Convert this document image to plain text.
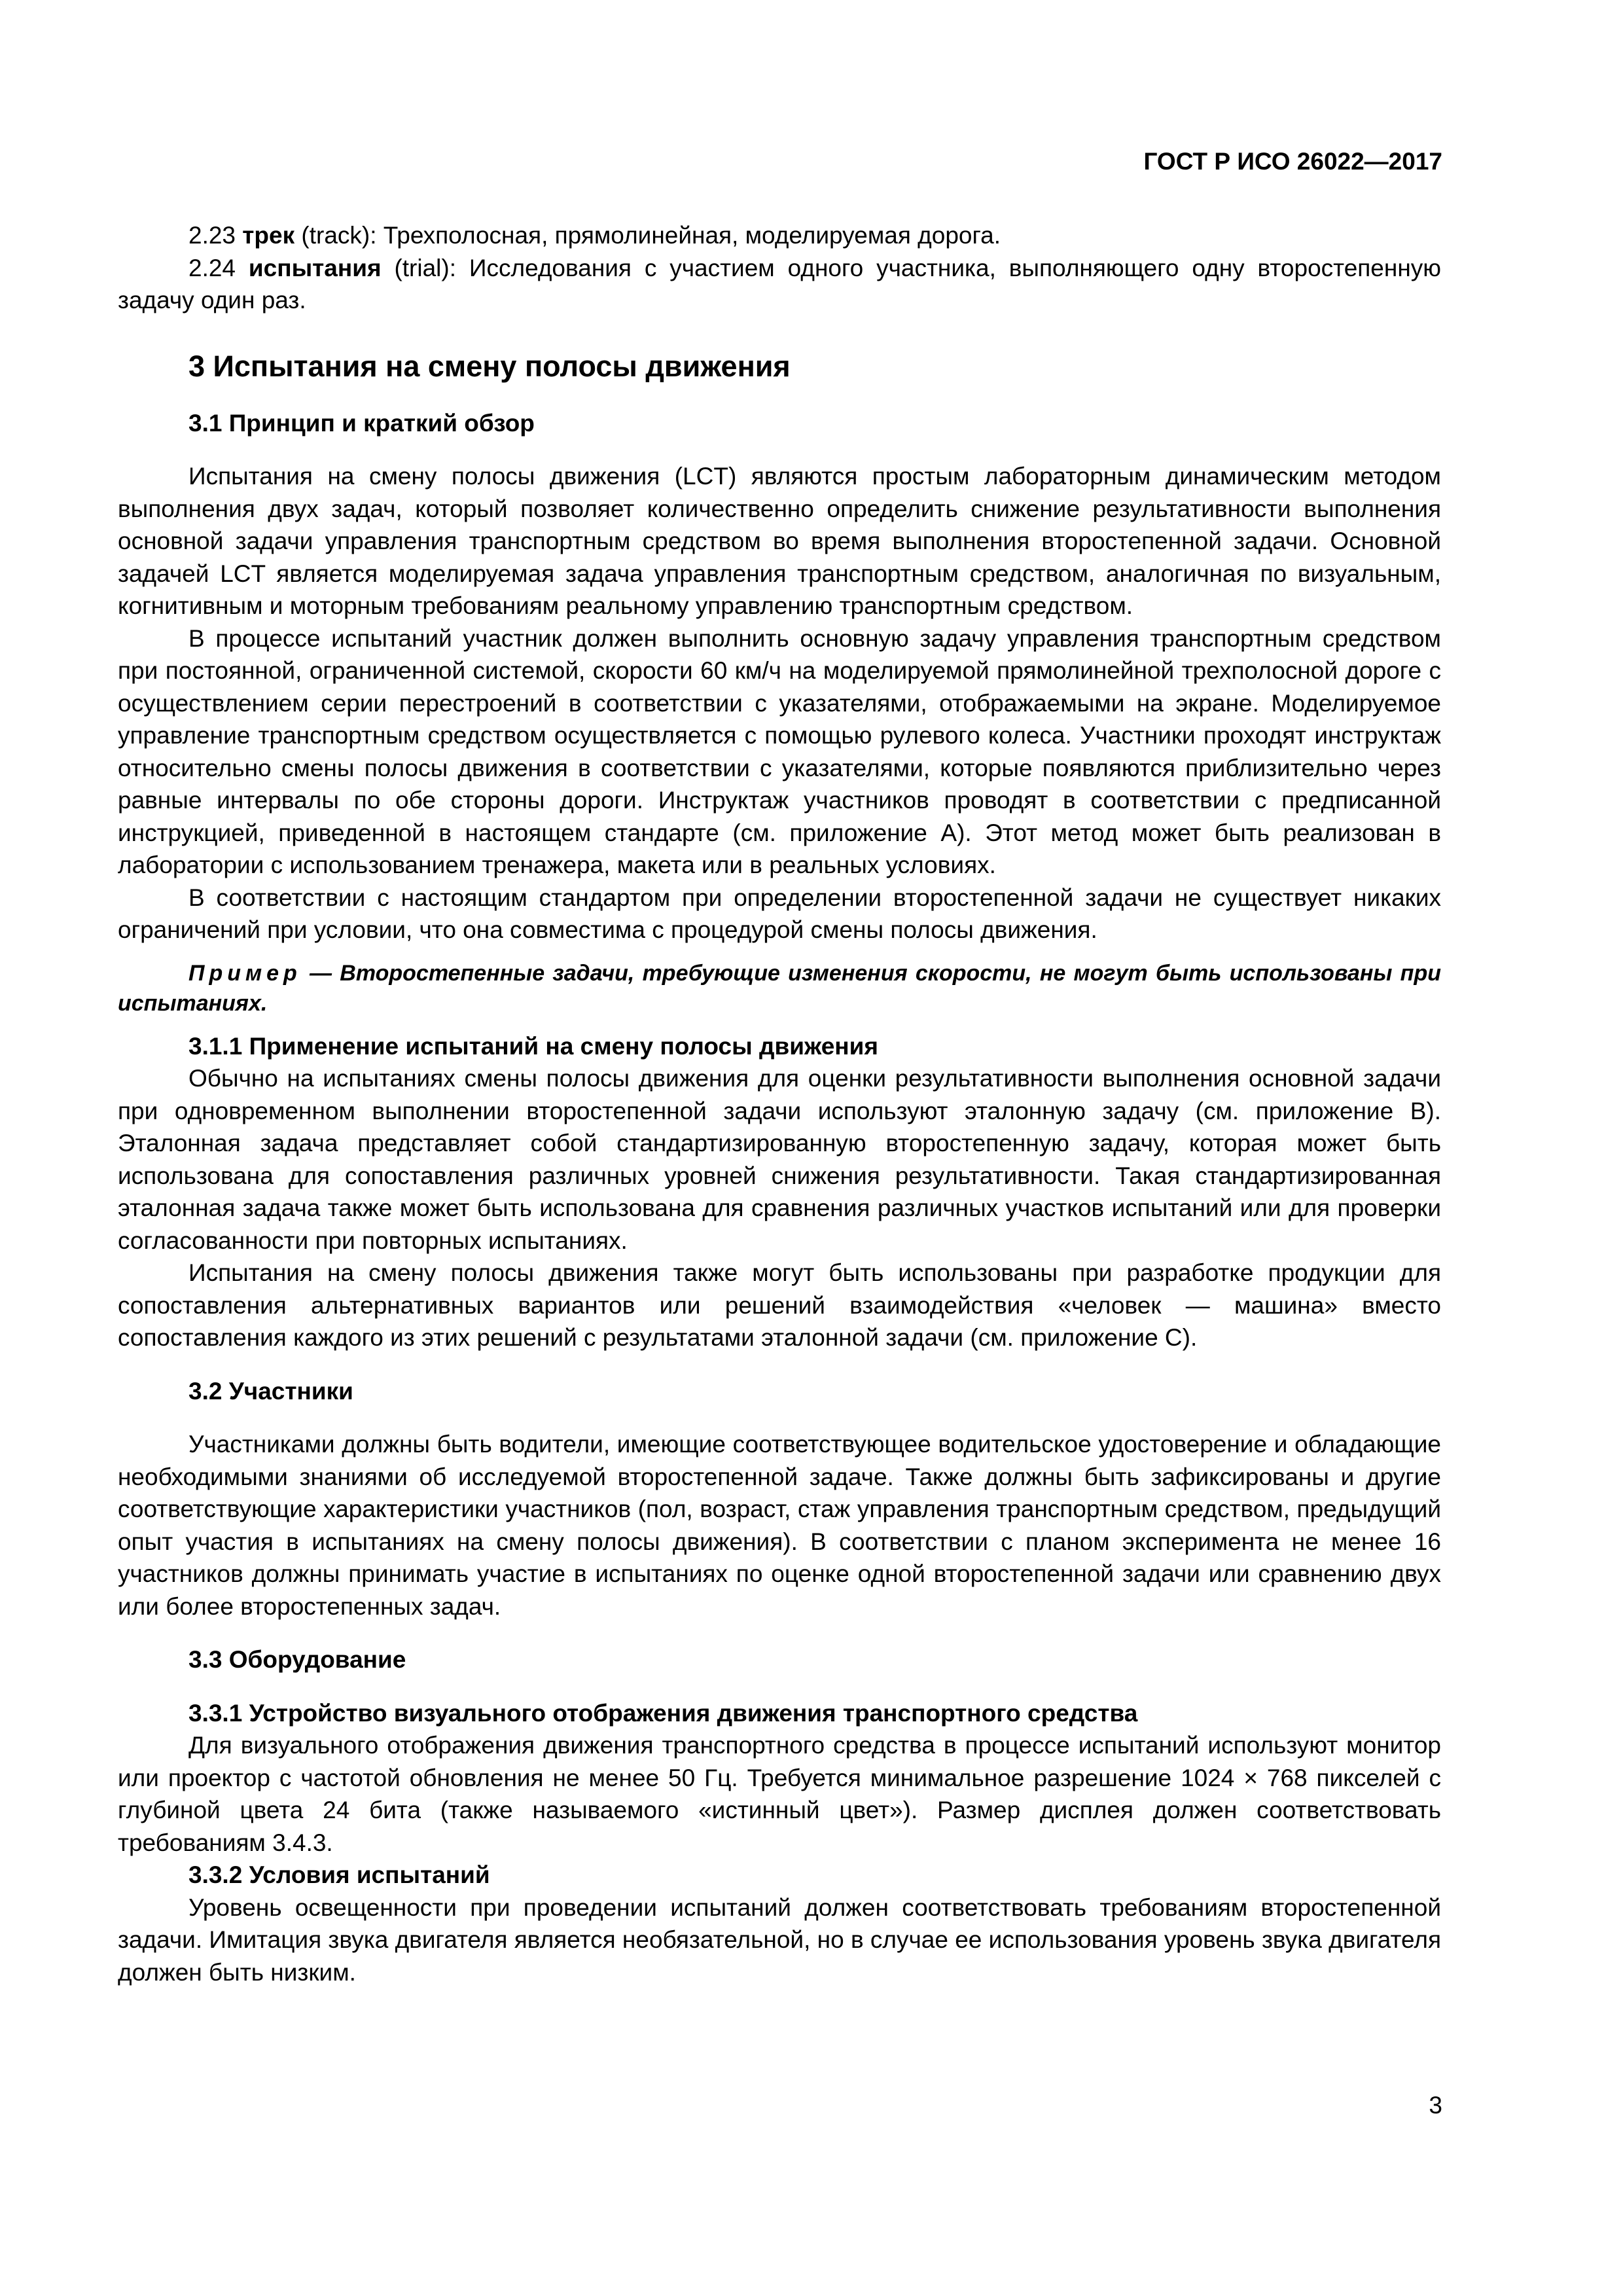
ГОСТ Р ИСО 26022—2017

2.23 трек (track): Трехполосная, прямолинейная, моделируемая дорога.

2.24 испытания (trial): Исследования с участием одного участника, выполняющего одну второстепенную задачу один раз.

3 Испытания на смену полосы движения
3.1 Принцип и краткий обзор

Испытания на смену полосы движения (LCT) являются простым лабораторным динамическим методом выполнения двух задач, который позволяет количественно определить снижение результативности выполнения основной задачи управления транспортным средством во время выполнения второстепенной задачи. Основной задачей LCT является моделируемая задача управления транспортным средством, аналогичная по визуальным, когнитивным и моторным требованиям реальному управлению транспортным средством.

В процессе испытаний участник должен выполнить основную задачу управления транспортным средством при постоянной, ограниченной системой, скорости 60 км/ч на моделируемой прямолинейной трехполосной дороге с осуществлением серии перестроений в соответствии с указателями, отображаемыми на экране. Моделируемое управление транспортным средством осуществляется с помощью рулевого колеса. Участники проходят инструктаж относительно смены полосы движения в соответствии с указателями, которые появляются приблизительно через равные интервалы по обе стороны дороги. Инструктаж участников проводят в соответствии с предписанной инструкцией, приведенной в настоящем стандарте (см. приложение А). Этот метод может быть реализован в лаборатории с использованием тренажера, макета или в реальных условиях.

В соответствии с настоящим стандартом при определении второстепенной задачи не существует никаких ограничений при условии, что она совместима с процедурой смены полосы движения.

Пример — Второстепенные задачи, требующие изменения скорости, не могут быть использованы при испытаниях.

3.1.1 Применение испытаний на смену полосы движения

Обычно на испытаниях смены полосы движения для оценки результативности выполнения основной задачи при одновременном выполнении второстепенной задачи используют эталонную задачу (см. приложение В). Эталонная задача представляет собой стандартизированную второстепенную задачу, которая может быть использована для сопоставления различных уровней снижения результативности. Такая стандартизированная эталонная задача также может быть использована для сравнения различных участков испытаний или для проверки согласованности при повторных испытаниях.

Испытания на смену полосы движения также могут быть использованы при разработке продукции для сопоставления альтернативных вариантов или решений взаимодействия «человек — машина» вместо сопоставления каждого из этих решений с результатами эталонной задачи (см. приложение С).

3.2 Участники

Участниками должны быть водители, имеющие соответствующее водительское удостоверение и обладающие необходимыми знаниями об исследуемой второстепенной задаче. Также должны быть зафиксированы и другие соответствующие характеристики участников (пол, возраст, стаж управления транспортным средством, предыдущий опыт участия в испытаниях на смену полосы движения). В соответствии с планом эксперимента не менее 16 участников должны принимать участие в испытаниях по оценке одной второстепенной задачи или сравнению двух или более второстепенных задач.

3.3 Оборудование
3.3.1 Устройство визуального отображения движения транспортного средства

Для визуального отображения движения транспортного средства в процессе испытаний используют монитор или проектор с частотой обновления не менее 50 Гц. Требуется минимальное разрешение 1024 × 768 пикселей с глубиной цвета 24 бита (также называемого «истинный цвет»). Размер дисплея должен соответствовать требованиям 3.4.3.

3.3.2 Условия испытаний

Уровень освещенности при проведении испытаний должен соответствовать требованиям второстепенной задачи. Имитация звука двигателя является необязательной, но в случае ее использования уровень звука двигателя должен быть низким.

3
